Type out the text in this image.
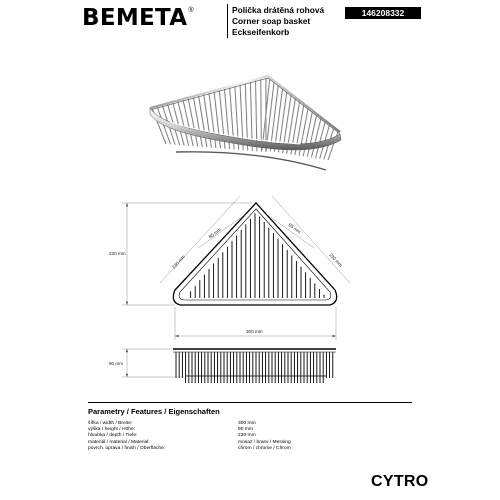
BEMETA ®	Polička drátěná rohová
Corner soap basket
Eckseifenkorb
146208332
230 mm
300 mm
230 mm	230 mm
85 mm	85 mm
80 mm
Parametry / Features / Eigenschaften
šířka / width / Breite:	300 mm
výška / height / Höhe:	80 mm
hloubka / depth / Tiefe:	230 mm
materiál / material / Material:	mosaz / brass / Messing
povrch. úprava / finish / Oberfläche:	chrom / chrome / Chrom
CYTRO
